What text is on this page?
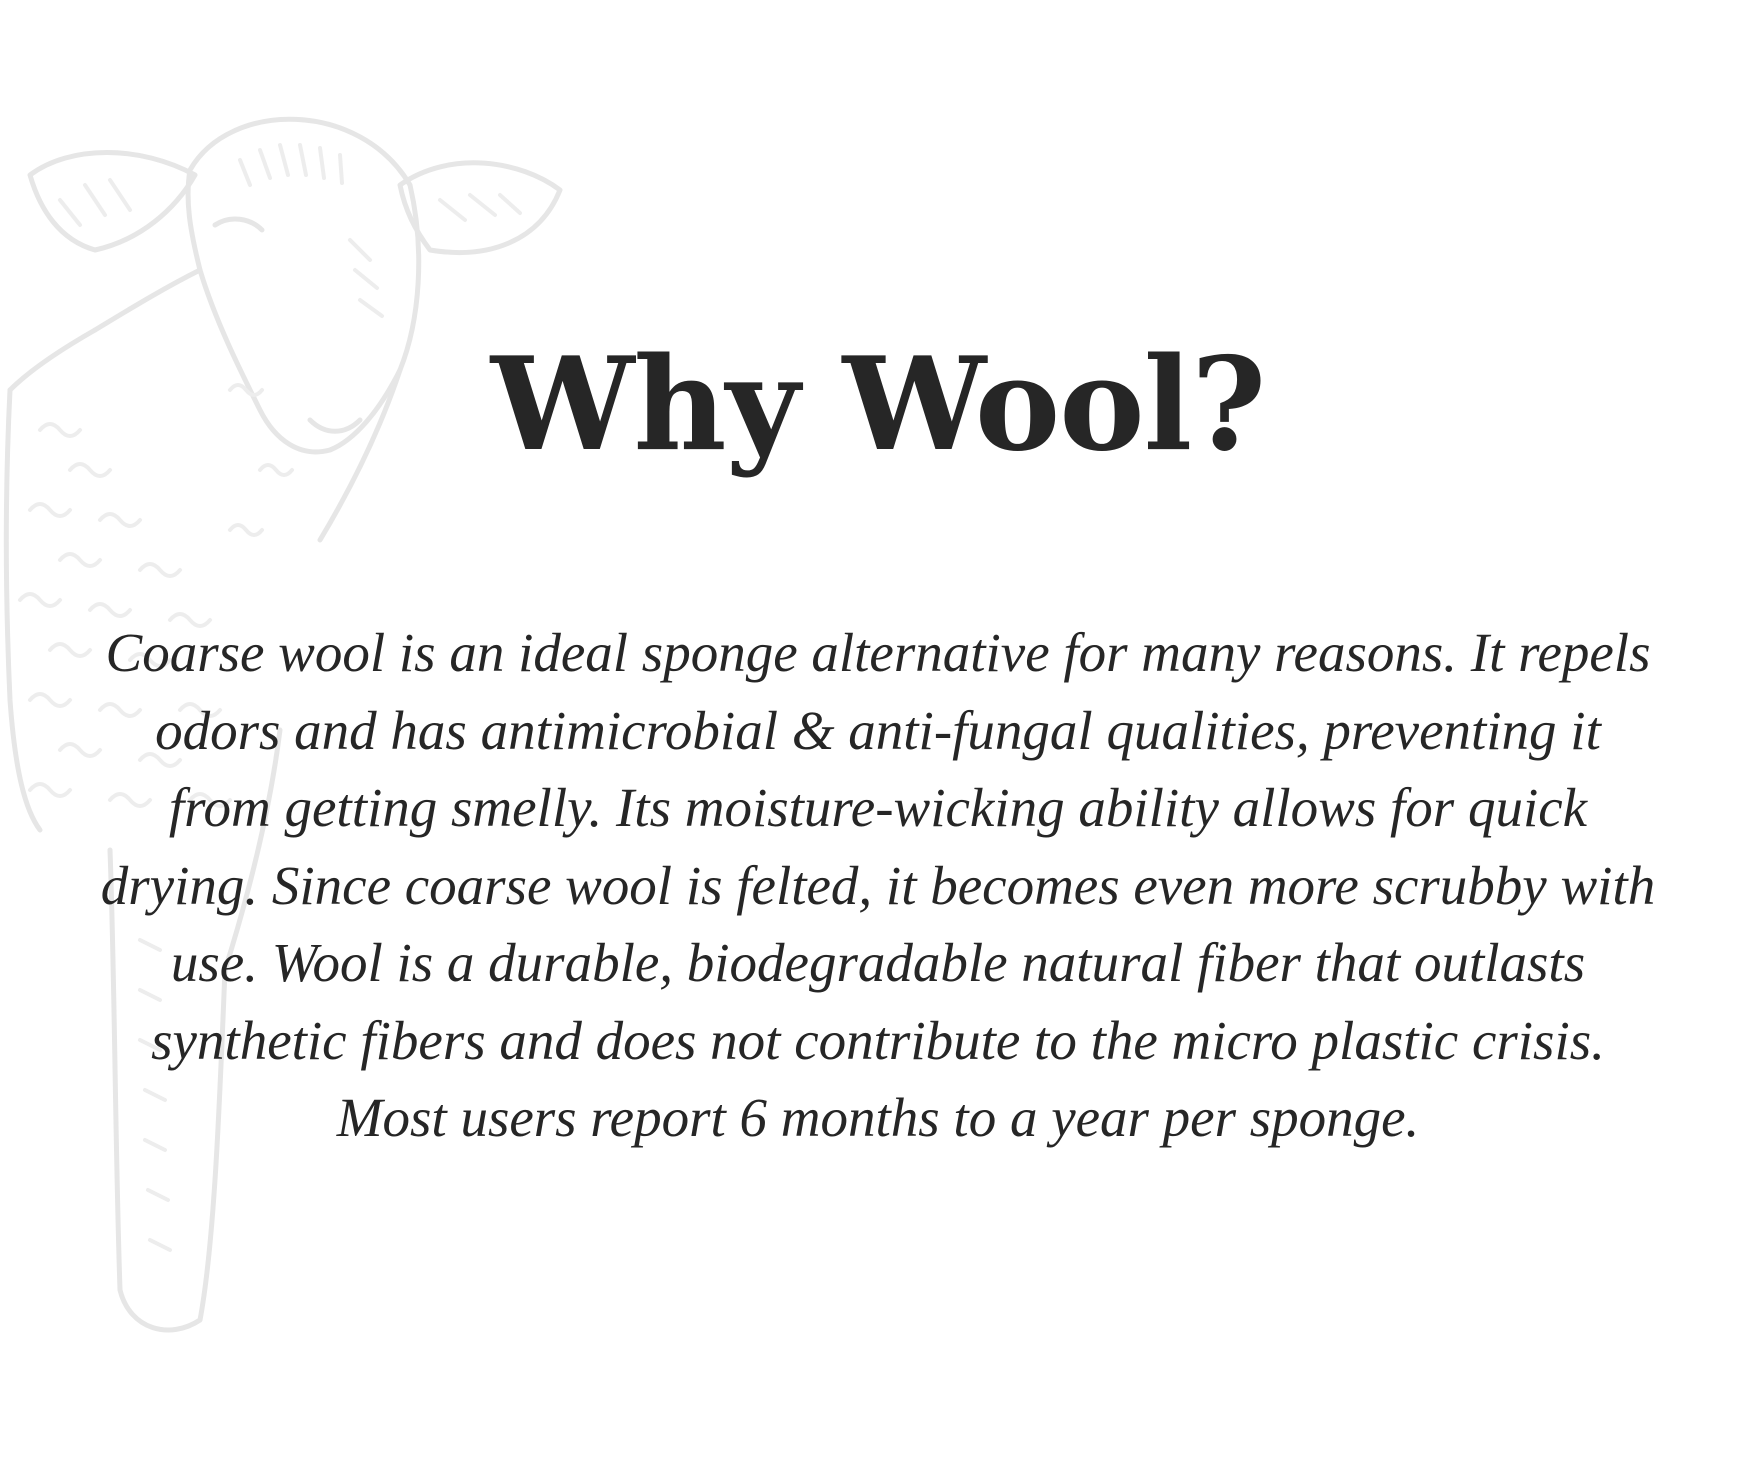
Why Wool?

Coarse wool is an ideal sponge alternative for many reasons. It repels odors and has antimicrobial & anti-fungal qualities, preventing it from getting smelly. Its moisture-wicking ability allows for quick drying. Since coarse wool is felted, it becomes even more scrubby with use. Wool is a durable, biodegradable natural fiber that outlasts synthetic fibers and does not contribute to the micro plastic crisis. Most users report 6 months to a year per sponge.
